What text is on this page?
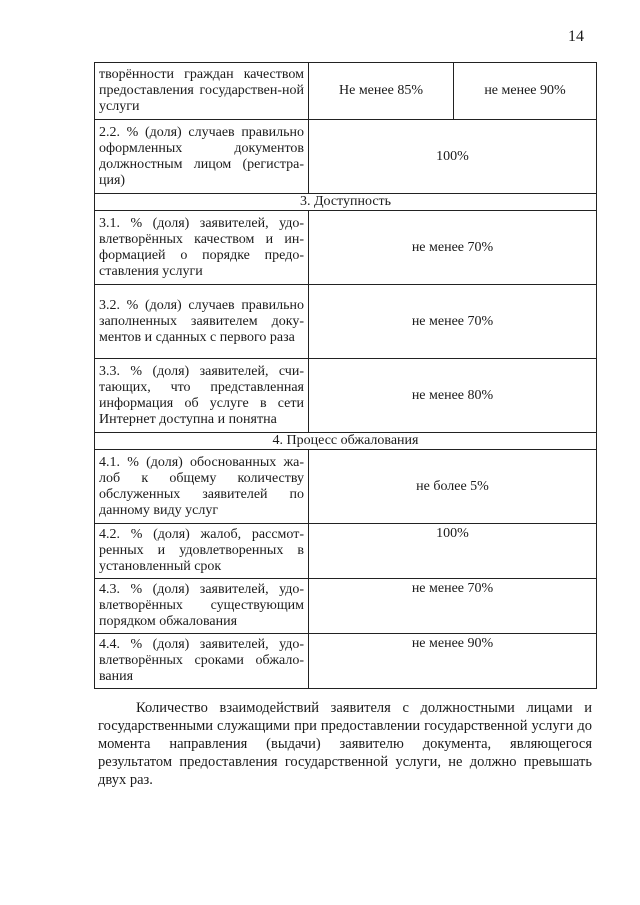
14
творённости граждан качеством предоставления государствен-ной услуги	Не менее 85%	не менее 90%
2.2. % (доля) случаев правильно оформленных документов должностным лицом (регистра-ция)	100%	
3. Доступность		
3.1. % (доля) заявителей, удо-влетворённых качеством и ин-формацией о порядке предо-ставления услуги	не менее 70%	
3.2. % (доля) случаев правильно заполненных заявителем доку-ментов и сданных с первого раза	не менее 70%	
3.3. % (доля) заявителей, счи-тающих, что представленная информация об услуге в сети Интернет доступна и понятна	не менее 80%	
4. Процесс обжалования		
4.1. % (доля) обоснованных жа-лоб к общему количеству обслуженных заявителей по данному виду услуг	не более 5%	
4.2. % (доля) жалоб, рассмот-ренных и удовлетворенных в установленный срок	100%	
4.3. % (доля) заявителей, удо-влетворённых существующим порядком обжалования	не менее 70%	
4.4. % (доля) заявителей, удо-влетворённых сроками обжало-вания	не менее 90%	

Количество взаимодействий заявителя с должностными лицами и государственными служащими при предоставлении государственной услуги до момента направления (выдачи) заявителю документа, являющегося результатом предоставления государственной услуги, не должно превышать двух раз.
